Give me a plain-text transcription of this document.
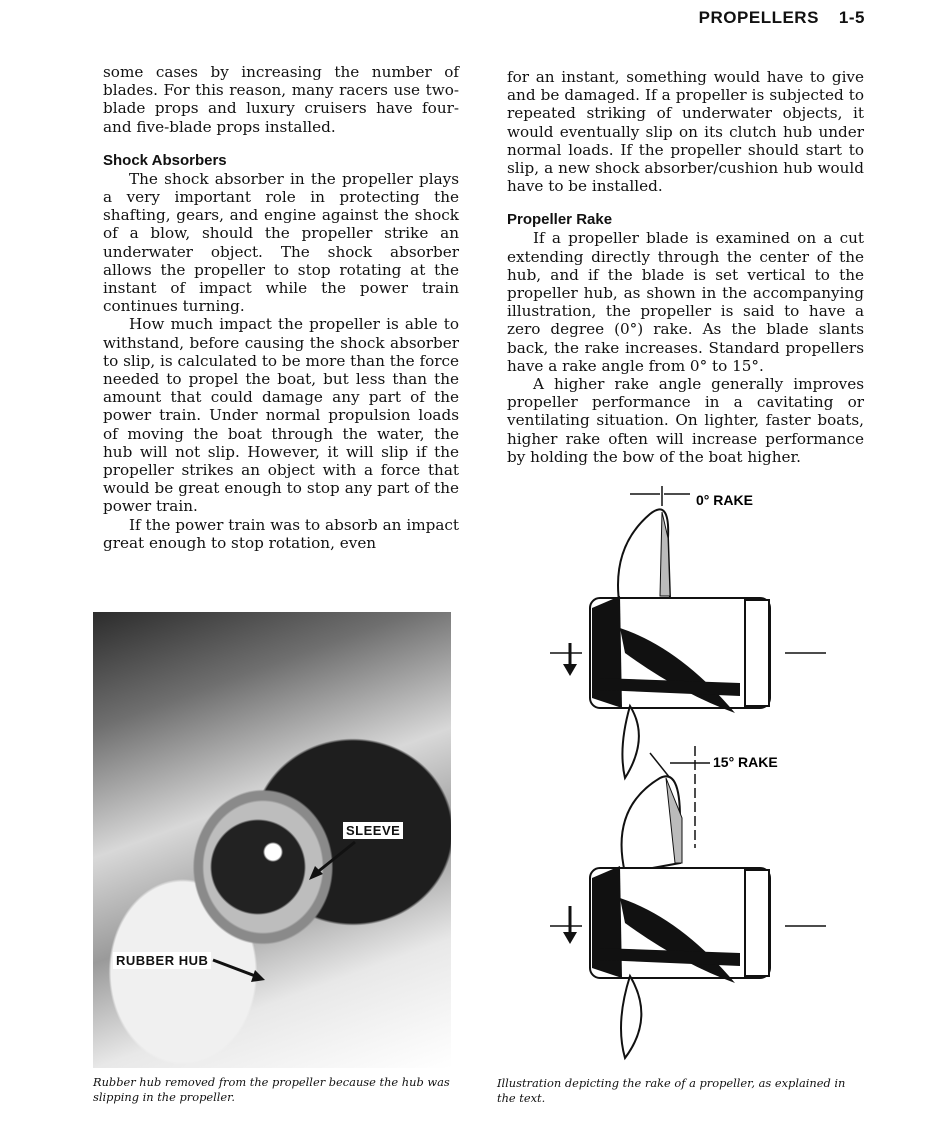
PROPELLERS 1-5

some cases by increasing the number of blades. For this reason, many racers use two-blade props and luxury cruisers have four- and five-blade props installed.

Shock Absorbers

The shock absorber in the propeller plays a very important role in protecting the shafting, gears, and engine against the shock of a blow, should the propeller strike an underwater object. The shock absorber allows the propeller to stop rotating at the instant of impact while the power train continues turning.

How much impact the propeller is able to withstand, before causing the shock absorber to slip, is calculated to be more than the force needed to propel the boat, but less than the amount that could damage any part of the power train. Under normal propulsion loads of moving the boat through the water, the hub will not slip. However, it will slip if the propeller strikes an object with a force that would be great enough to stop any part of the power train.

If the power train was to absorb an impact great enough to stop rotation, even

for an instant, something would have to give and be damaged. If a propeller is subjected to repeated striking of underwater objects, it would eventually slip on its clutch hub under normal loads. If the propeller should start to slip, a new shock absorber/cushion hub would have to be installed.

Propeller Rake

If a propeller blade is examined on a cut extending directly through the center of the hub, and if the blade is set vertical to the propeller hub, as shown in the accompanying illustration, the propeller is said to have a zero degree (0°) rake. As the blade slants back, the rake increases. Standard propellers have a rake angle from 0° to 15°.

A higher rake angle generally improves propeller performance in a cavitating or ventilating situation. On lighter, faster boats, higher rake often will increase performance by holding the bow of the boat higher.

SLEEVE
RUBBER HUB
Rubber hub removed from the propeller because the hub was slipping in the propeller.
0° RAKE
15° RAKE
Illustration depicting the rake of a propeller, as explained in the text.
